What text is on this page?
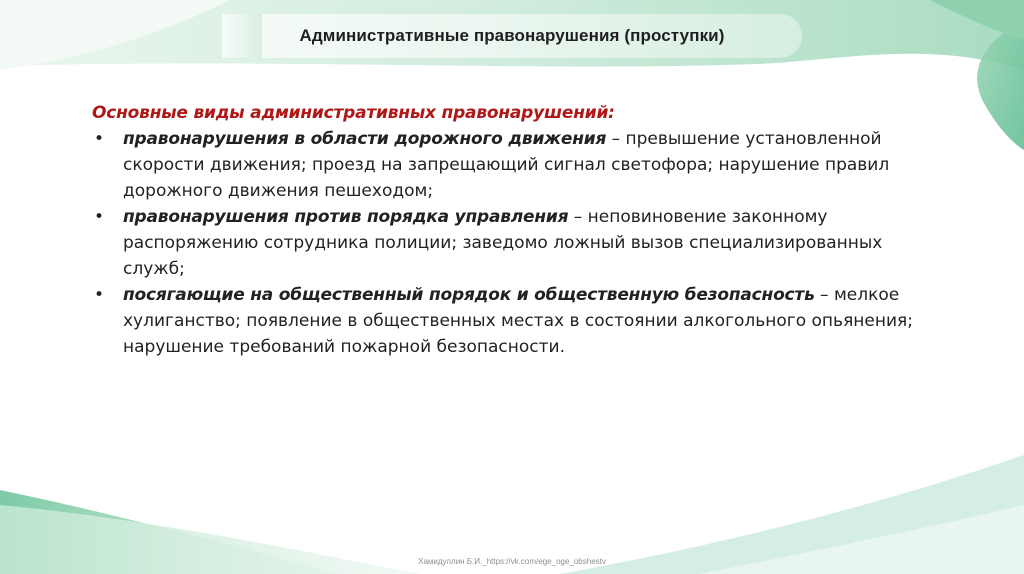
Административные правонарушения (проступки)

Основные виды административных правонарушений:

• правонарушения в области дорожного движения – превышение установленной скорости движения; проезд на запрещающий сигнал светофора; нарушение правил дорожного движения пешеходом;
• правонарушения против порядка управления – неповиновение законному распоряжению сотрудника полиции; заведомо ложный вызов специализированных служб;
• посягающие на общественный порядок и общественную безопасность – мелкое хулиганство; появление в общественных местах в состоянии алкогольного опьянения; нарушение требований пожарной безопасности.
Хамидуллин Б.И._https://vk.com/ege_oge_obshestv
